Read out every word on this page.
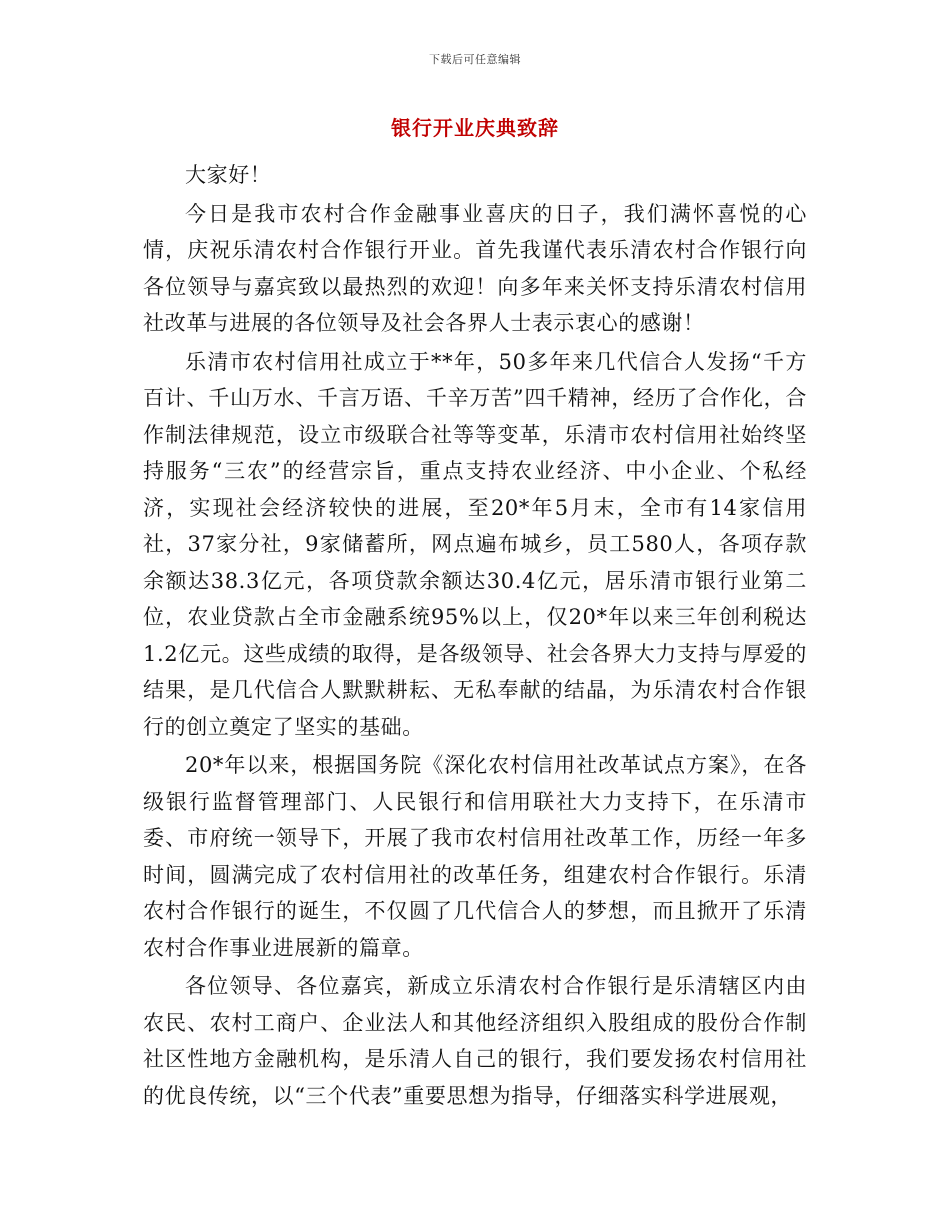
下载后可任意编辑
银行开业庆典致辞

大家好！

今日是我市农村合作金融事业喜庆的日子，我们满怀喜悦的心情，庆祝乐清农村合作银行开业。首先我谨代表乐清农村合作银行向各位领导与嘉宾致以最热烈的欢迎！向多年来关怀支持乐清农村信用社改革与进展的各位领导及社会各界人士表示衷心的感谢！

乐清市农村信用社成立于**年，50多年来几代信合人发扬“千方百计、千山万水、千言万语、千辛万苦”四千精神，经历了合作化，合作制法律规范，设立市级联合社等等变革，乐清市农村信用社始终坚持服务“三农”的经营宗旨，重点支持农业经济、中小企业、个私经济，实现社会经济较快的进展，至20*年5月末，全市有14家信用社，37家分社，9家储蓄所，网点遍布城乡，员工580人，各项存款余额达38.3亿元，各项贷款余额达30.4亿元，居乐清市银行业第二位，农业贷款占全市金融系统95%以上，仅20*年以来三年创利税达1.2亿元。这些成绩的取得，是各级领导、社会各界大力支持与厚爱的结果，是几代信合人默默耕耘、无私奉献的结晶，为乐清农村合作银行的创立奠定了坚实的基础。

20*年以来，根据国务院《深化农村信用社改革试点方案》，在各级银行监督管理部门、人民银行和信用联社大力支持下，在乐清市委、市府统一领导下，开展了我市农村信用社改革工作，历经一年多时间，圆满完成了农村信用社的改革任务，组建农村合作银行。乐清农村合作银行的诞生，不仅圆了几代信合人的梦想，而且掀开了乐清农村合作事业进展新的篇章。

各位领导、各位嘉宾，新成立乐清农村合作银行是乐清辖区内由农民、农村工商户、企业法人和其他经济组织入股组成的股份合作制社区性地方金融机构，是乐清人自己的银行，我们要发扬农村信用社的优良传统，以“三个代表”重要思想为指导，仔细落实科学进展观，
